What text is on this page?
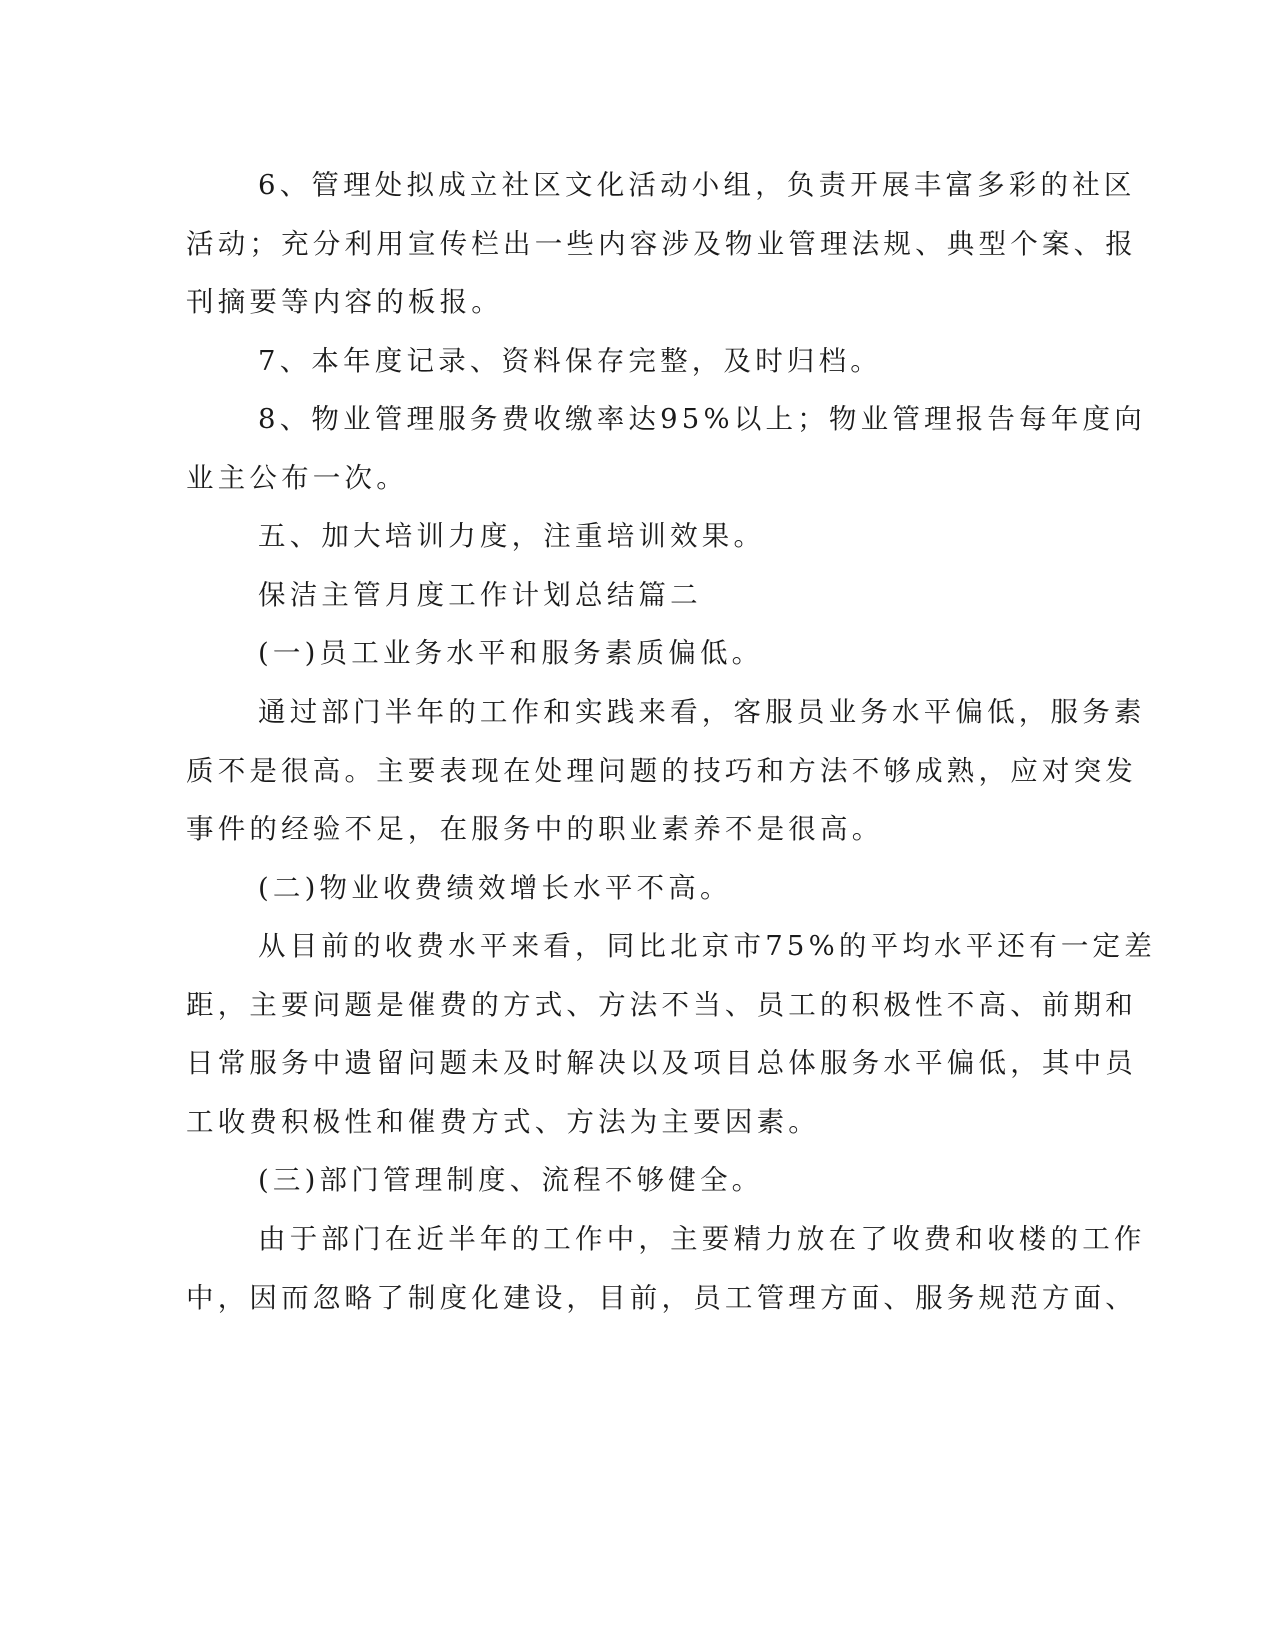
6、管理处拟成立社区文化活动小组，负责开展丰富多彩的社区

活动；充分利用宣传栏出一些内容涉及物业管理法规、典型个案、报

刊摘要等内容的板报。

7、本年度记录、资料保存完整，及时归档。

8、物业管理服务费收缴率达95%以上；物业管理报告每年度向

业主公布一次。

五、加大培训力度，注重培训效果。

保洁主管月度工作计划总结篇二

(一)员工业务水平和服务素质偏低。

通过部门半年的工作和实践来看，客服员业务水平偏低，服务素

质不是很高。主要表现在处理问题的技巧和方法不够成熟，应对突发

事件的经验不足，在服务中的职业素养不是很高。

(二)物业收费绩效增长水平不高。

从目前的收费水平来看，同比北京市75%的平均水平还有一定差

距，主要问题是催费的方式、方法不当、员工的积极性不高、前期和

日常服务中遗留问题未及时解决以及项目总体服务水平偏低，其中员

工收费积极性和催费方式、方法为主要因素。

(三)部门管理制度、流程不够健全。

由于部门在近半年的工作中，主要精力放在了收费和收楼的工作

中，因而忽略了制度化建设，目前，员工管理方面、服务规范方面、
